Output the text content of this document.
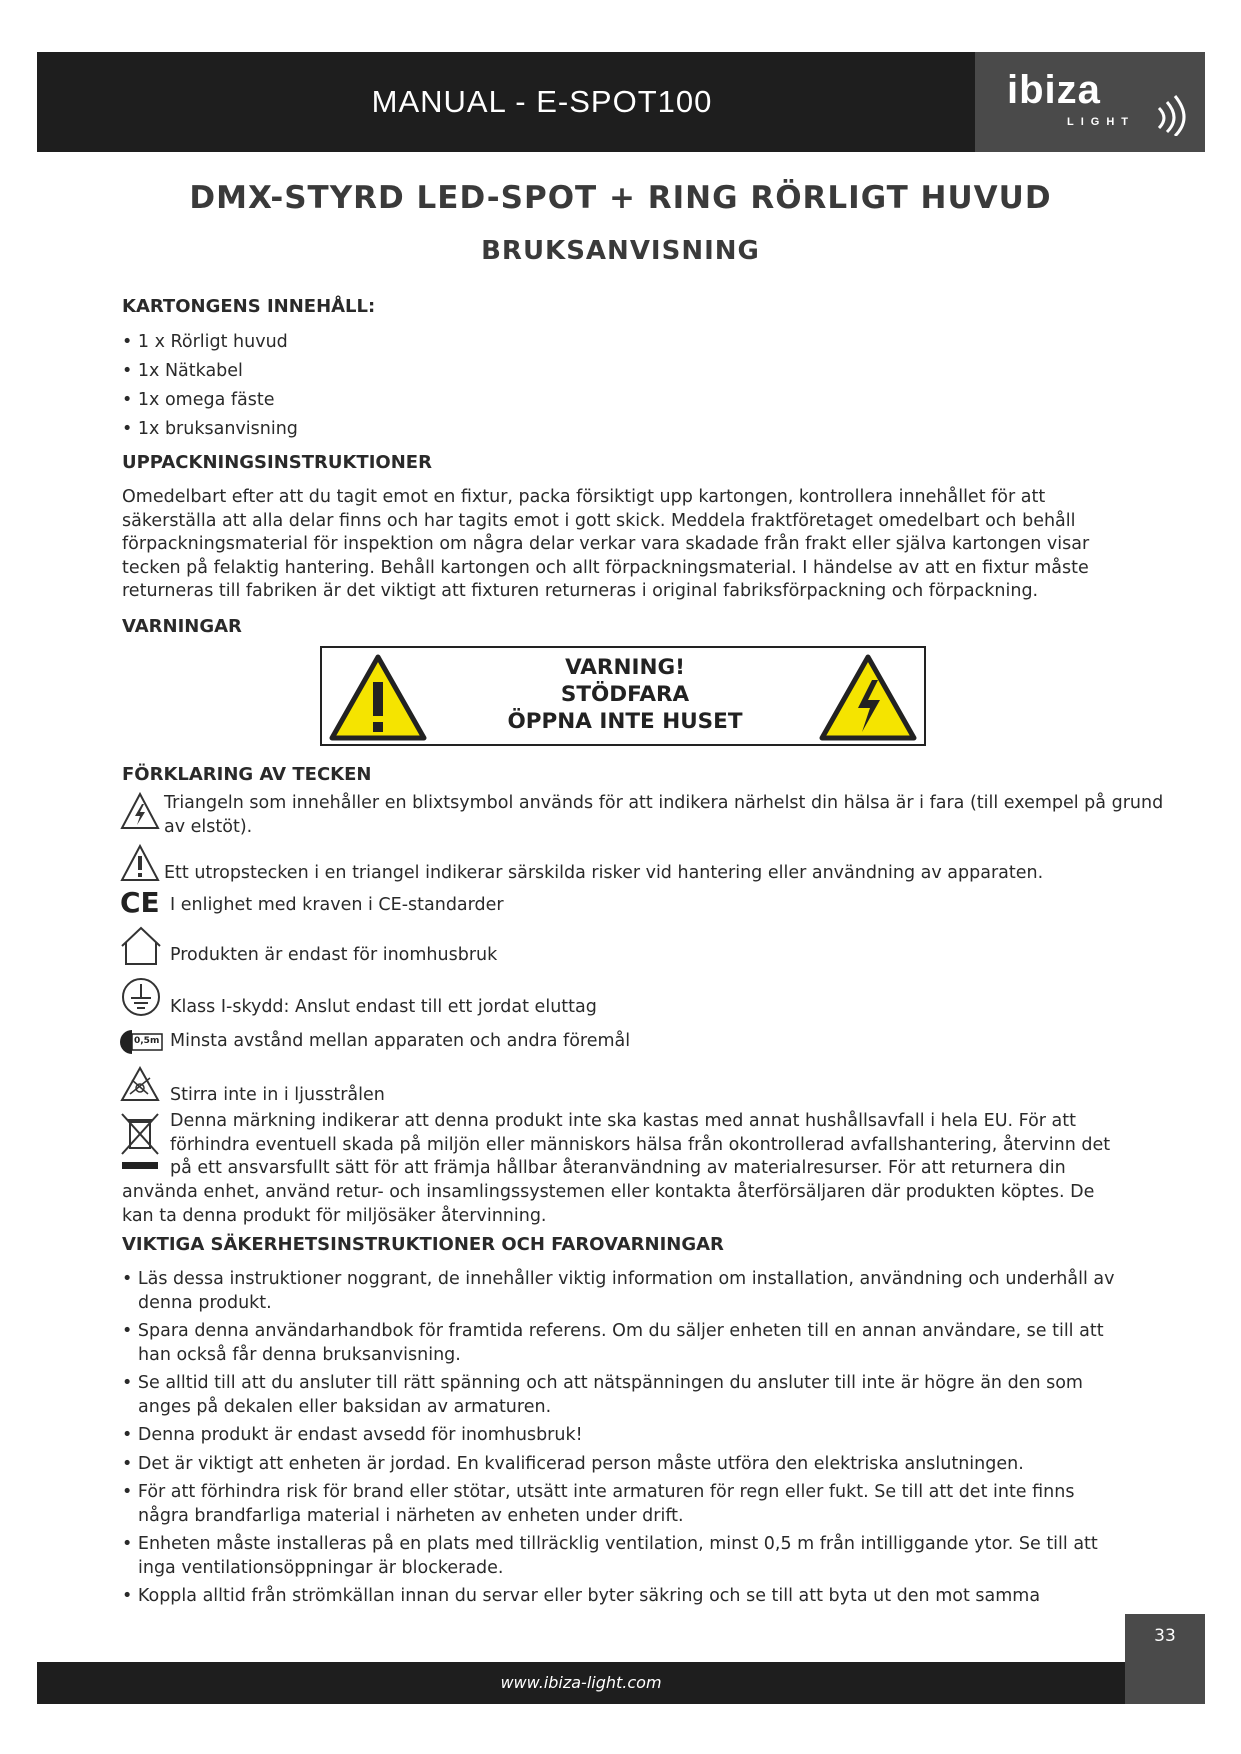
MANUAL - E-SPOT100	ibiza
LIGHT
DMX-STYRD LED-SPOT + RING RÖRLIGT HUVUD
BRUKSANVISNING
KARTONGENS INNEHÅLL:
• 1 x Rörligt huvud
• 1x Nätkabel
• 1x omega fäste
• 1x bruksanvisning
UPPACKNINGSINSTRUKTIONER
Omedelbart efter att du tagit emot en fixtur, packa försiktigt upp kartongen, kontrollera innehållet för att säkerställa att alla delar finns och har tagits emot i gott skick. Meddela fraktföretaget omedelbart och behåll förpackningsmaterial för inspektion om några delar verkar vara skadade från frakt eller själva kartongen visar tecken på felaktig hantering. Behåll kartongen och allt förpackningsmaterial. I händelse av att en fixtur måste returneras till fabriken är det viktigt att fixturen returneras i original fabriksförpackning och förpackning.
VARNINGAR
VARNING!
STÖDFARA
ÖPPNA INTE HUSET
FÖRKLARING AV TECKEN
Triangeln som innehåller en blixtsymbol används för att indikera närhelst din hälsa är i fara (till exempel på grund av elstöt).
Ett utropstecken i en triangel indikerar särskilda risker vid hantering eller användning av apparaten.
CE I enlighet med kraven i CE-standarder
Produkten är endast för inomhusbruk
Klass I-skydd: Anslut endast till ett jordat eluttag
0,5m Minsta avstånd mellan apparaten och andra föremål
Stirra inte in i ljusstrålen
Denna märkning indikerar att denna produkt inte ska kastas med annat hushållsavfall i hela EU. För att förhindra eventuell skada på miljön eller människors hälsa från okontrollerad avfallshantering, återvinn det på ett ansvarsfullt sätt för att främja hållbar återanvändning av materialresurser. För att returnera din
använda enhet, använd retur- och insamlingssystemen eller kontakta återförsäljaren där produkten köptes. De kan ta denna produkt för miljösäker återvinning.
VIKTIGA SÄKERHETSINSTRUKTIONER OCH FAROVARNINGAR
• Läs dessa instruktioner noggrant, de innehåller viktig information om installation, användning och underhåll av denna produkt.
• Spara denna användarhandbok för framtida referens. Om du säljer enheten till en annan användare, se till att han också får denna bruksanvisning.
• Se alltid till att du ansluter till rätt spänning och att nätspänningen du ansluter till inte är högre än den som anges på dekalen eller baksidan av armaturen.
• Denna produkt är endast avsedd för inomhusbruk!
• Det är viktigt att enheten är jordad. En kvalificerad person måste utföra den elektriska anslutningen.
• För att förhindra risk för brand eller stötar, utsätt inte armaturen för regn eller fukt. Se till att det inte finns några brandfarliga material i närheten av enheten under drift.
• Enheten måste installeras på en plats med tillräcklig ventilation, minst 0,5 m från intilliggande ytor. Se till att inga ventilationsöppningar är blockerade.
• Koppla alltid från strömkällan innan du servar eller byter säkring och se till att byta ut den mot samma
33
www.ibiza-light.com
